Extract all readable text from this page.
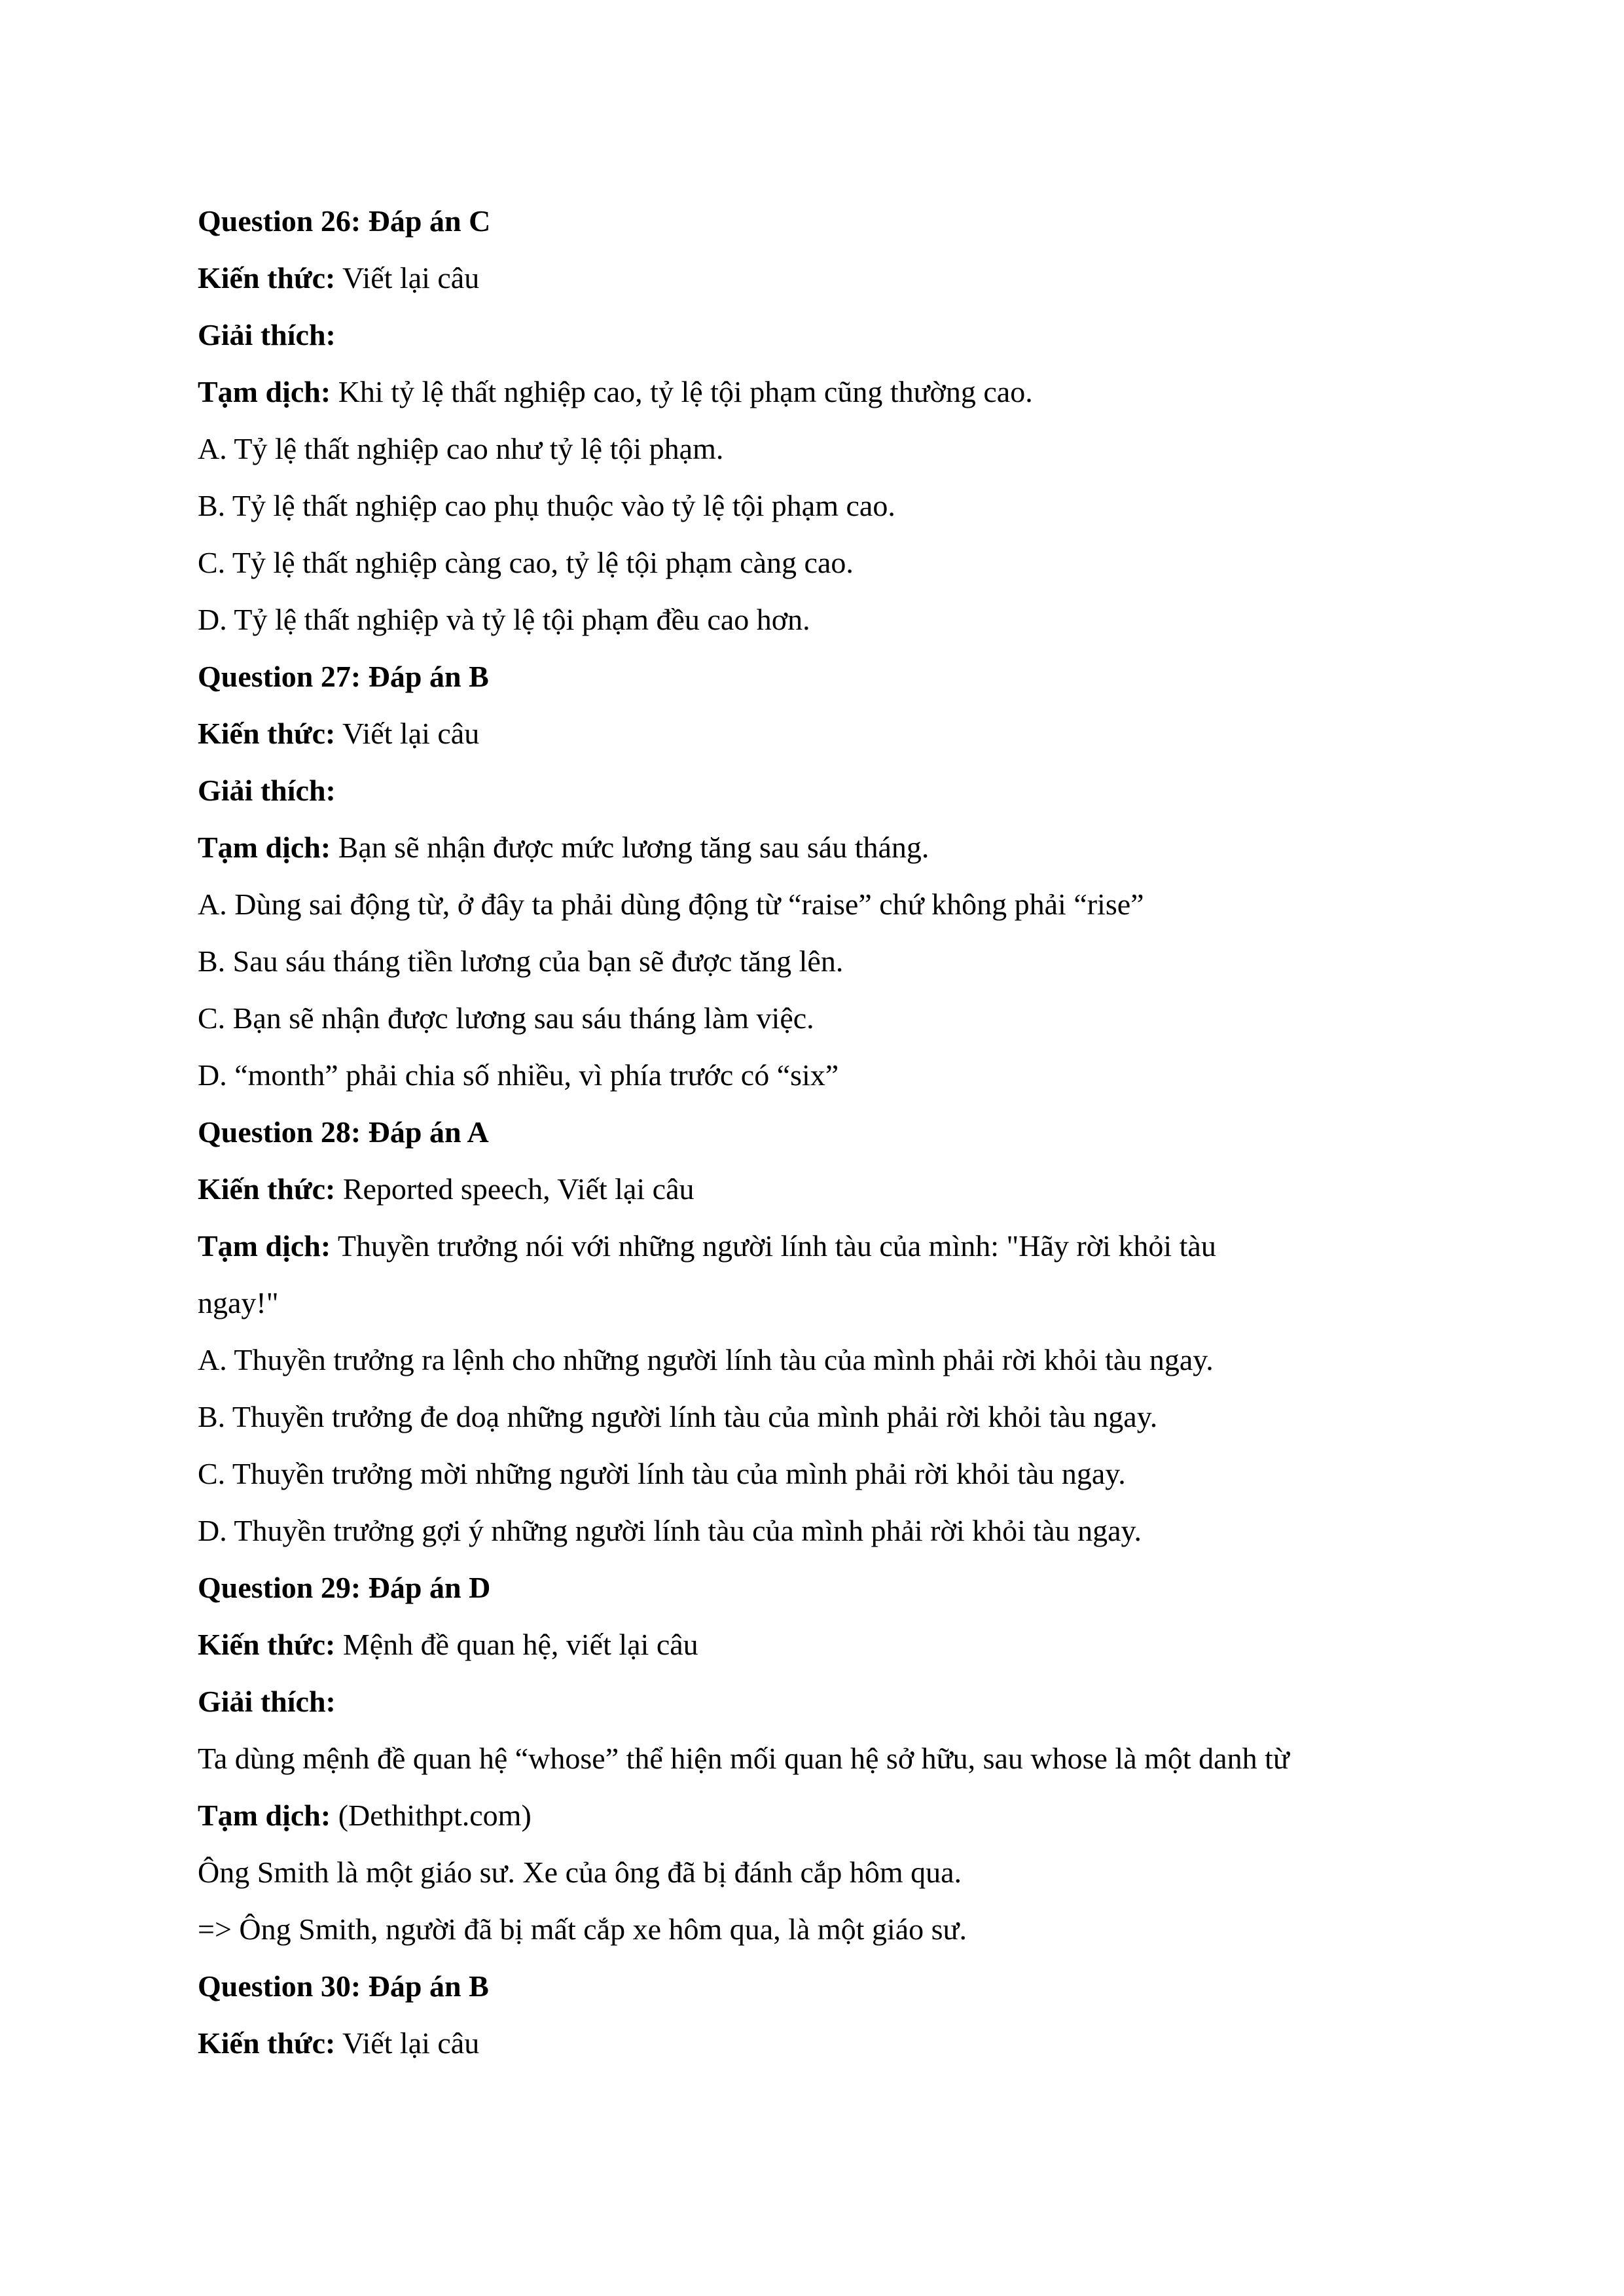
Question 26: Đáp án C
Kiến thức: Viết lại câu
Giải thích:
Tạm dịch: Khi tỷ lệ thất nghiệp cao, tỷ lệ tội phạm cũng thường cao.
A. Tỷ lệ thất nghiệp cao như tỷ lệ tội phạm.
B. Tỷ lệ thất nghiệp cao phụ thuộc vào tỷ lệ tội phạm cao.
C. Tỷ lệ thất nghiệp càng cao, tỷ lệ tội phạm càng cao.
D. Tỷ lệ thất nghiệp và tỷ lệ tội phạm đều cao hơn.
Question 27: Đáp án B
Kiến thức: Viết lại câu
Giải thích:
Tạm dịch: Bạn sẽ nhận được mức lương tăng sau sáu tháng.
A. Dùng sai động từ, ở đây ta phải dùng động từ “raise” chứ không phải “rise”
B. Sau sáu tháng tiền lương của bạn sẽ được tăng lên.
C. Bạn sẽ nhận được lương sau sáu tháng làm việc.
D. “month” phải chia số nhiều, vì phía trước có “six”
Question 28: Đáp án A
Kiến thức: Reported speech, Viết lại câu
Tạm dịch: Thuyền trưởng nói với những người lính tàu của mình: "Hãy rời khỏi tàu
ngay!"
A. Thuyền trưởng ra lệnh cho những người lính tàu của mình phải rời khỏi tàu ngay.
B. Thuyền trưởng đe doạ những người lính tàu của mình phải rời khỏi tàu ngay.
C. Thuyền trưởng mời những người lính tàu của mình phải rời khỏi tàu ngay.
D. Thuyền trưởng gợi ý những người lính tàu của mình phải rời khỏi tàu ngay.
Question 29: Đáp án D
Kiến thức: Mệnh đề quan hệ, viết lại câu
Giải thích:
Ta dùng mệnh đề quan hệ “whose” thể hiện mối quan hệ sở hữu, sau whose là một danh từ
Tạm dịch: (Dethithpt.com)
Ông Smith là một giáo sư. Xe của ông đã bị đánh cắp hôm qua.
=> Ông Smith, người đã bị mất cắp xe hôm qua, là một giáo sư.
Question 30: Đáp án B
Kiến thức: Viết lại câu
